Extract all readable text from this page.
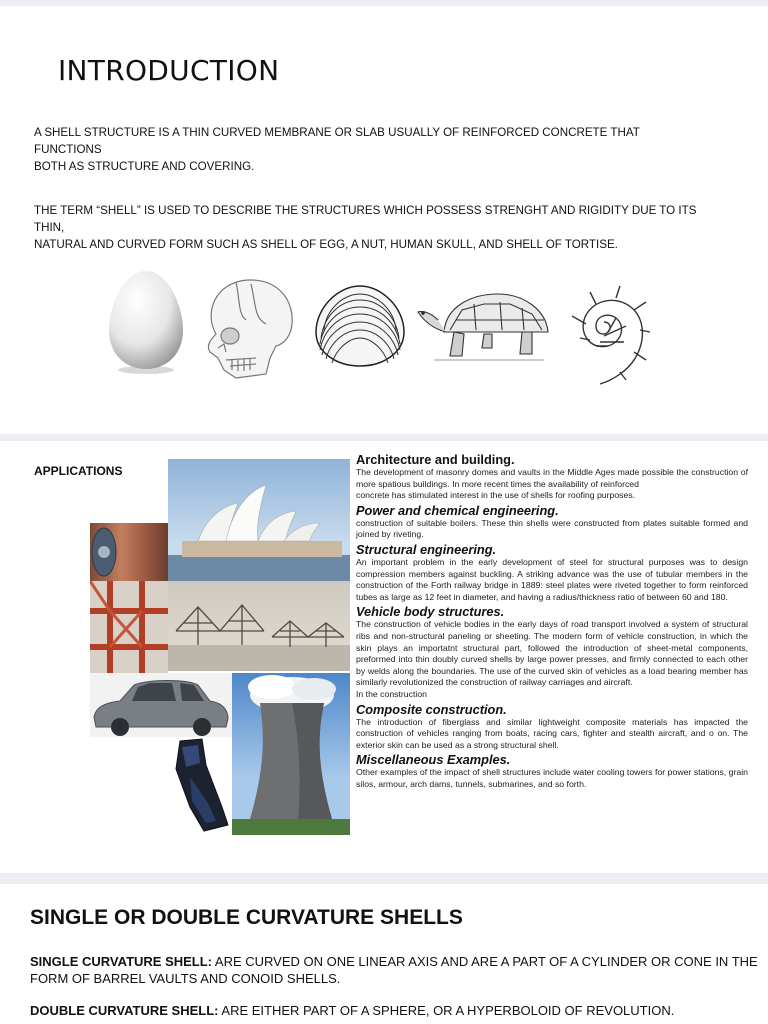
INTRODUCTION
A SHELL STRUCTURE IS A THIN CURVED MEMBRANE OR SLAB USUALLY OF REINFORCED CONCRETE THAT
FUNCTIONS
BOTH AS STRUCTURE AND COVERING.
THE TERM “SHELL” IS USED TO DESCRIBE THE STRUCTURES WHICH POSSESS STRENGHT AND RIGIDITY DUE TO ITS
THIN,
NATURAL AND CURVED FORM SUCH AS SHELL OF EGG, A NUT, HUMAN SKULL, AND SHELL OF TORTISE.
APPLICATIONS
Architecture and building.
The development of masonry domes and vaults in the Middle Ages made possible the construction of more spatious buildings. In more recent times the availability of reinforced
concrete has stimulated interest in the use of shells for roofing purposes.
Power and chemical engineering.
construction of suitable boilers. These thin shells were constructed from plates suitable formed and joined by riveting.
Structural engineering.
An important problem in the early development of steel for structural purposes was to design compression members against buckling. A striking advance was the use of tubular members in the construction of the Forth railway bridge in 1889: steel plates were riveted together to form reinforced tubes as large as 12 feet in diameter, and having a radius/thickness ratio of between 60 and 180.
Vehicle body structures.
The construction of vehicle bodies in the early days of road transport involved a system of structural ribs and non-structural paneling or sheeting. The modern form of vehicle construction, in which the skin plays an importatnt structural part, followed the introduction of sheet-metal components, preformed into thin doubly curved shells by large power presses, and firmly connected to each other by welds along the boundaries. The use of the curved skin of vehicles as a load bearing member has similarly revolutionized the construction of railway carriages and aircraft.
In the construction
Composite construction.
The introduction of fiberglass and similar lightweight composite materials has impacted the construction of vehicles ranging from boats, racing cars, fighter and stealth aircraft, and o on. The exterior skin can be used as a strong structural shell.
Miscellaneous Examples.
Other examples of the impact of shell structures include water cooling towers for power stations, grain silos, armour, arch dams, tunnels, submarines, and so forth.
SINGLE OR DOUBLE CURVATURE SHELLS
SINGLE CURVATURE SHELL: ARE CURVED ON ONE LINEAR AXIS AND ARE A PART OF A CYLINDER OR CONE IN THE FORM OF BARREL VAULTS AND CONOID SHELLS.
DOUBLE CURVATURE SHELL: ARE EITHER PART OF A SPHERE, OR A HYPERBOLOID OF REVOLUTION.
